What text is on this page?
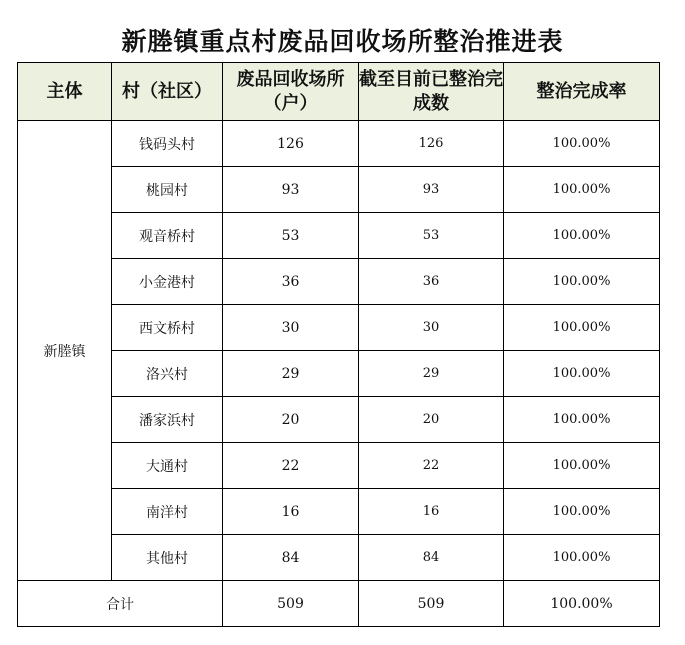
新塍镇重点村废品回收场所整治推进表
主体	村（社区）	废品回收场所（户）	截至目前已整治完成数	整治完成率
新塍镇	钱码头村	126	126	100.00%
	桃园村	93	93	100.00%
	观音桥村	53	53	100.00%
	小金港村	36	36	100.00%
	西文桥村	30	30	100.00%
	洛兴村	29	29	100.00%
	潘家浜村	20	20	100.00%
	大通村	22	22	100.00%
	南洋村	16	16	100.00%
	其他村	84	84	100.00%
合计		509	509	100.00%
